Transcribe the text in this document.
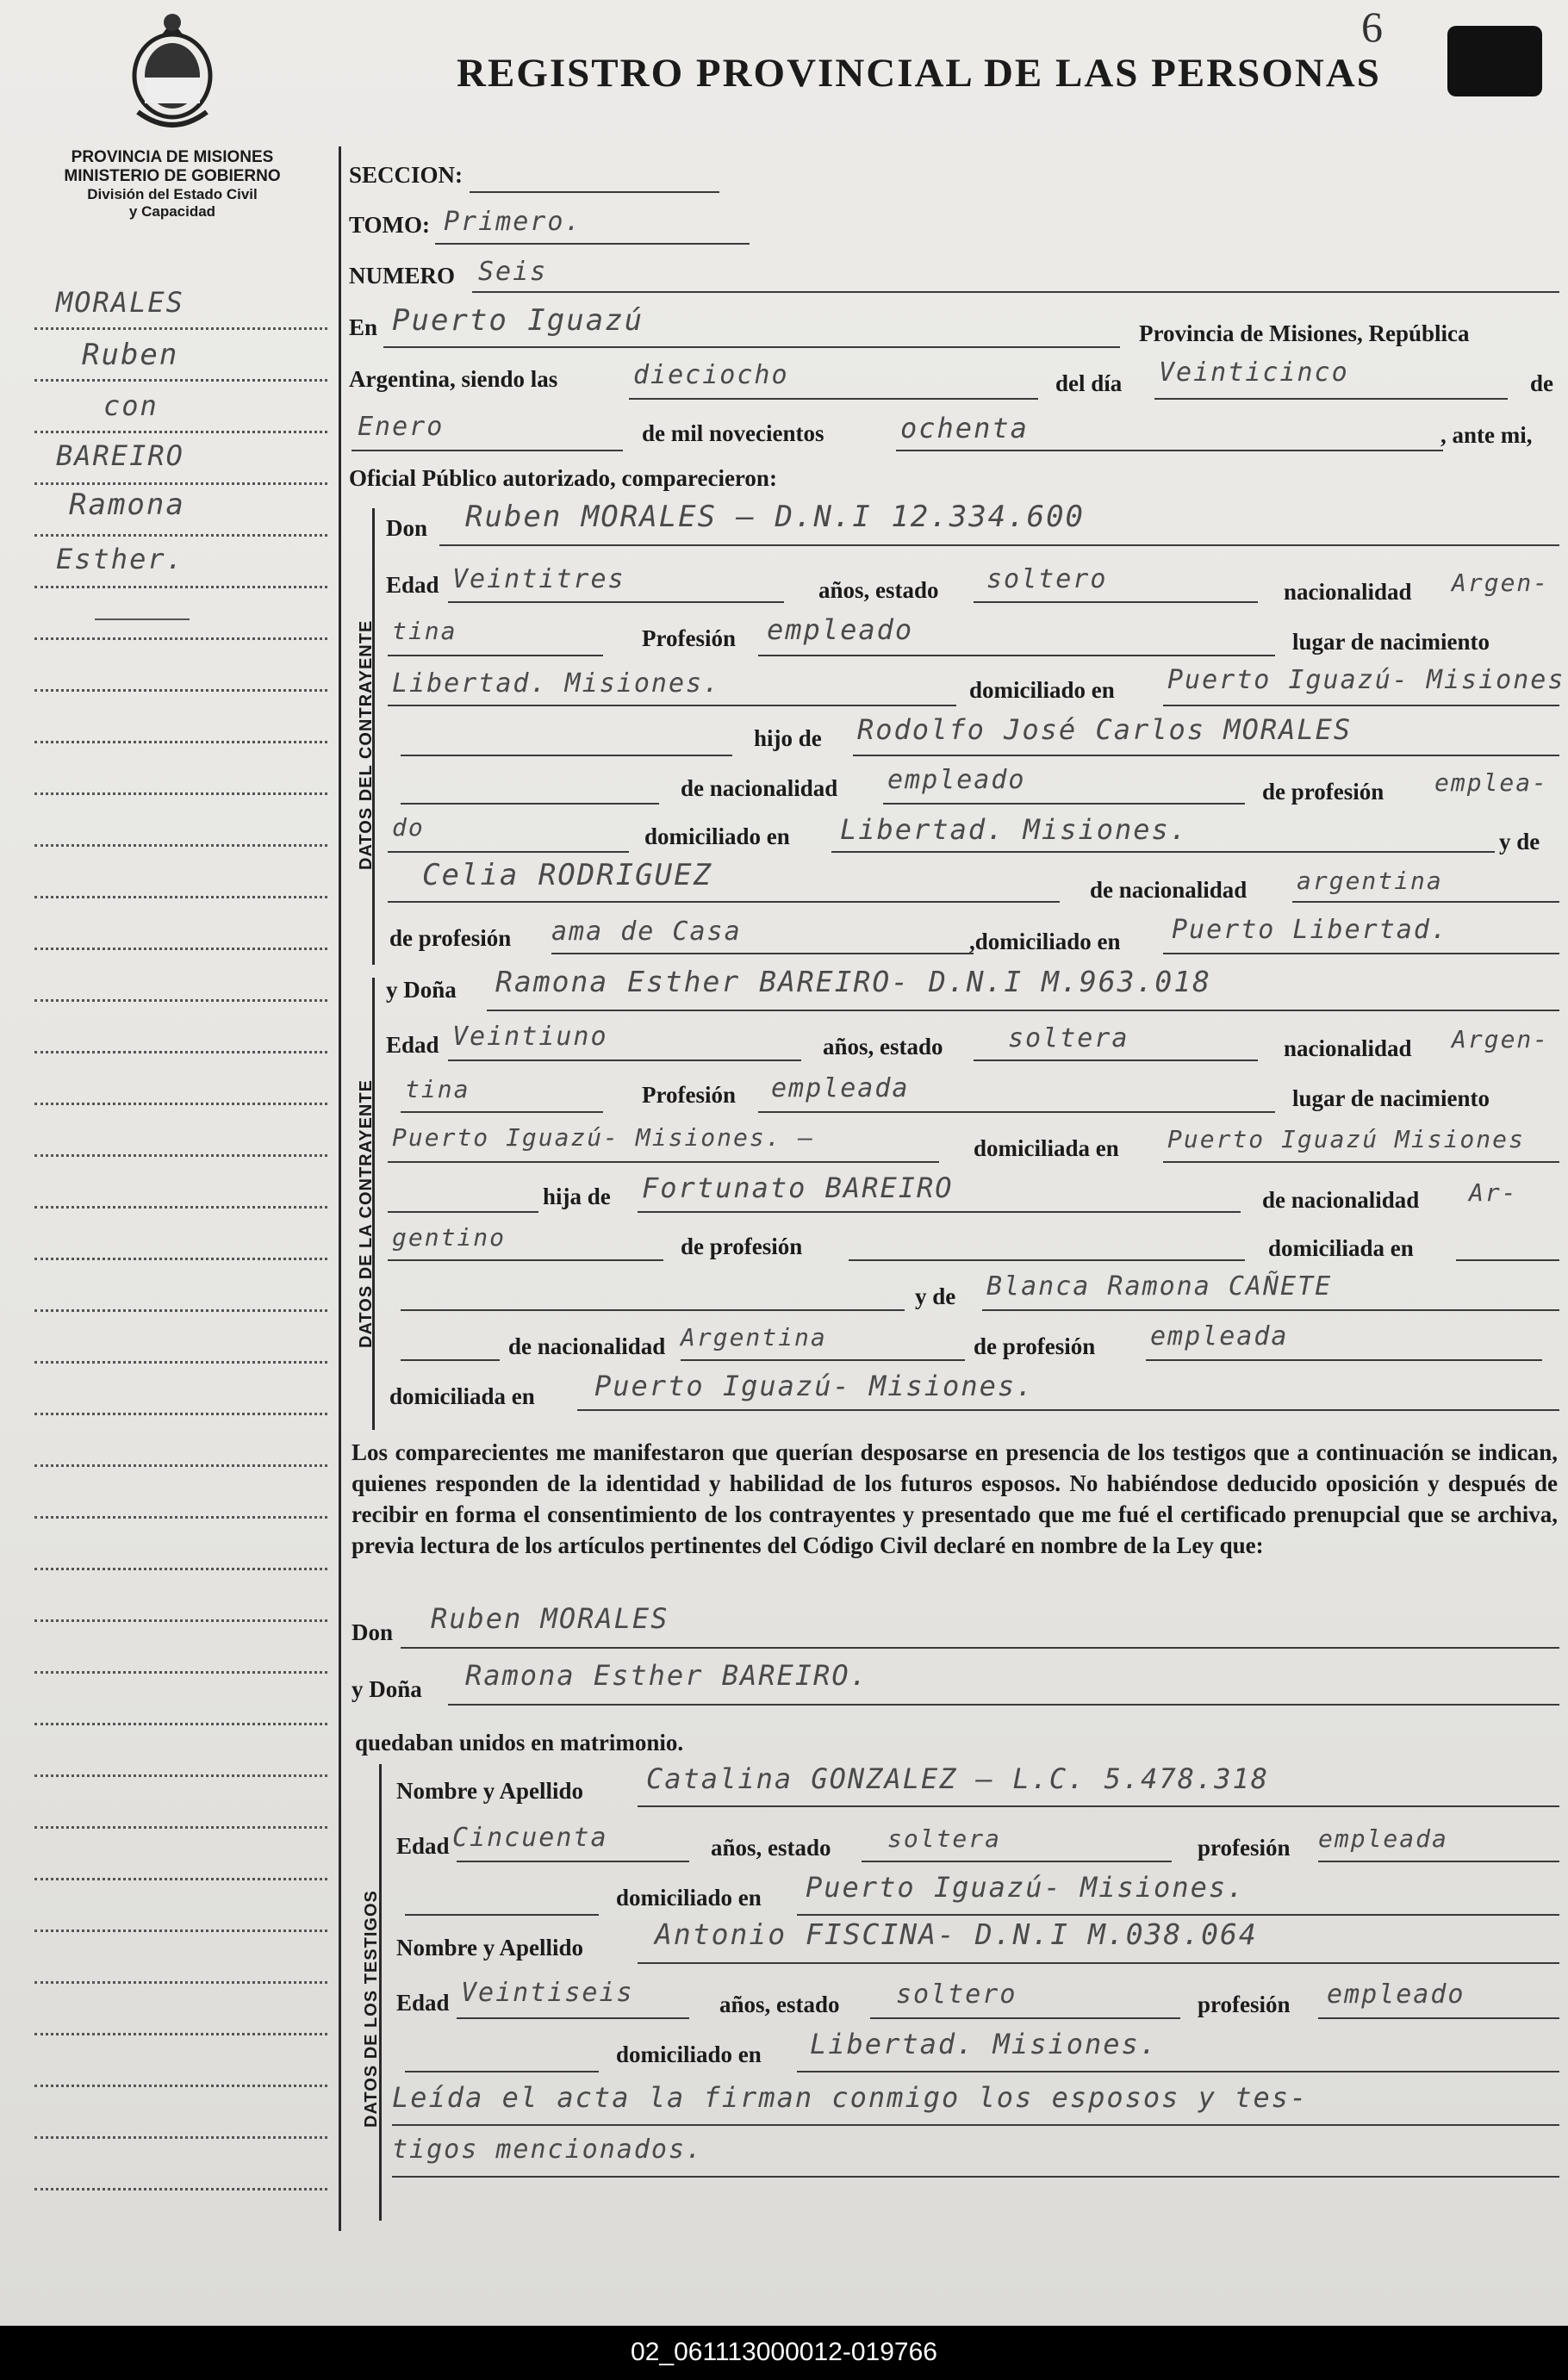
PROVINCIA DE MISIONES
MINISTERIO DE GOBIERNO
División del Estado Civil
y Capacidad
6
REGISTRO PROVINCIAL DE LAS PERSONAS
MORALES
Ruben
con
BAREIRO
Ramona
Esther.
SECCION:
TOMO: Primero.
NUMERO Seis
En Puerto Iguazú	Provincia de Misiones, República
Argentina, siendo las	dieciocho	del día Veinticinco	de
Enero	de mil novecientos	ochenta	, ante mi,
Oficial Público autorizado, comparecieron:
DATOS DEL CONTRAYENTE
Don Ruben MORALES — D.N.I 12.334.600
Edad Veintitres	años, estado soltero	nacionalidad Argen-
tina	Profesión empleado	lugar de nacimiento
Libertad. Misiones.	domiciliado en Puerto Iguazú- Misiones
hijo de Rodolfo José Carlos MORALES
de nacionalidad empleado	de profesión emplea-
do	domiciliado en Libertad. Misiones.	y de
Celia RODRIGUEZ	de nacionalidad argentina
de profesión ama de Casa	,domiciliado en Puerto Libertad.
DATOS DE LA CONTRAYENTE
y Doña Ramona Esther BAREIRO- D.N.I M.963.018
Edad Veintiuno	años, estado	soltera	nacionalidad Argen-
tina	Profesión empleada	lugar de nacimiento
Puerto Iguazú- Misiones. —	domiciliada en Puerto Iguazú Misiones
hija de Fortunato BAREIRO	de nacionalidad Ar-
gentino	de profesión	domiciliada en
y de Blanca Ramona CAÑETE
de nacionalidad Argentina	de profesión empleada
domiciliada en Puerto Iguazú- Misiones.
Los comparecientes me manifestaron que querían desposarse en presencia de los testigos que a continuación se indican, quienes responden de la identidad y habilidad de los futuros esposos. No habiéndose deducido oposición y después de recibir en forma el consentimiento de los contrayentes y presentado que me fué el certificado prenupcial que se archiva, previa lectura de los artículos pertinentes del Código Civil declaré en nombre de la Ley que:
Don Ruben MORALES
y Doña Ramona Esther BAREIRO.
quedaban unidos en matrimonio.
DATOS DE LOS TESTIGOS
Nombre y Apellido Catalina GONZALEZ — L.C. 5.478.318
Edad Cincuenta	años, estado soltera	profesión empleada
domiciliado en Puerto Iguazú- Misiones.
Nombre y Apellido	Antonio FISCINA- D.N.I M.038.064
Edad Veintiseis	años, estado soltero	profesión empleado
domiciliado en Libertad. Misiones.
Leída el acta la firman conmigo los esposos y tes-
tigos mencionados.
02_061113000012-019766
